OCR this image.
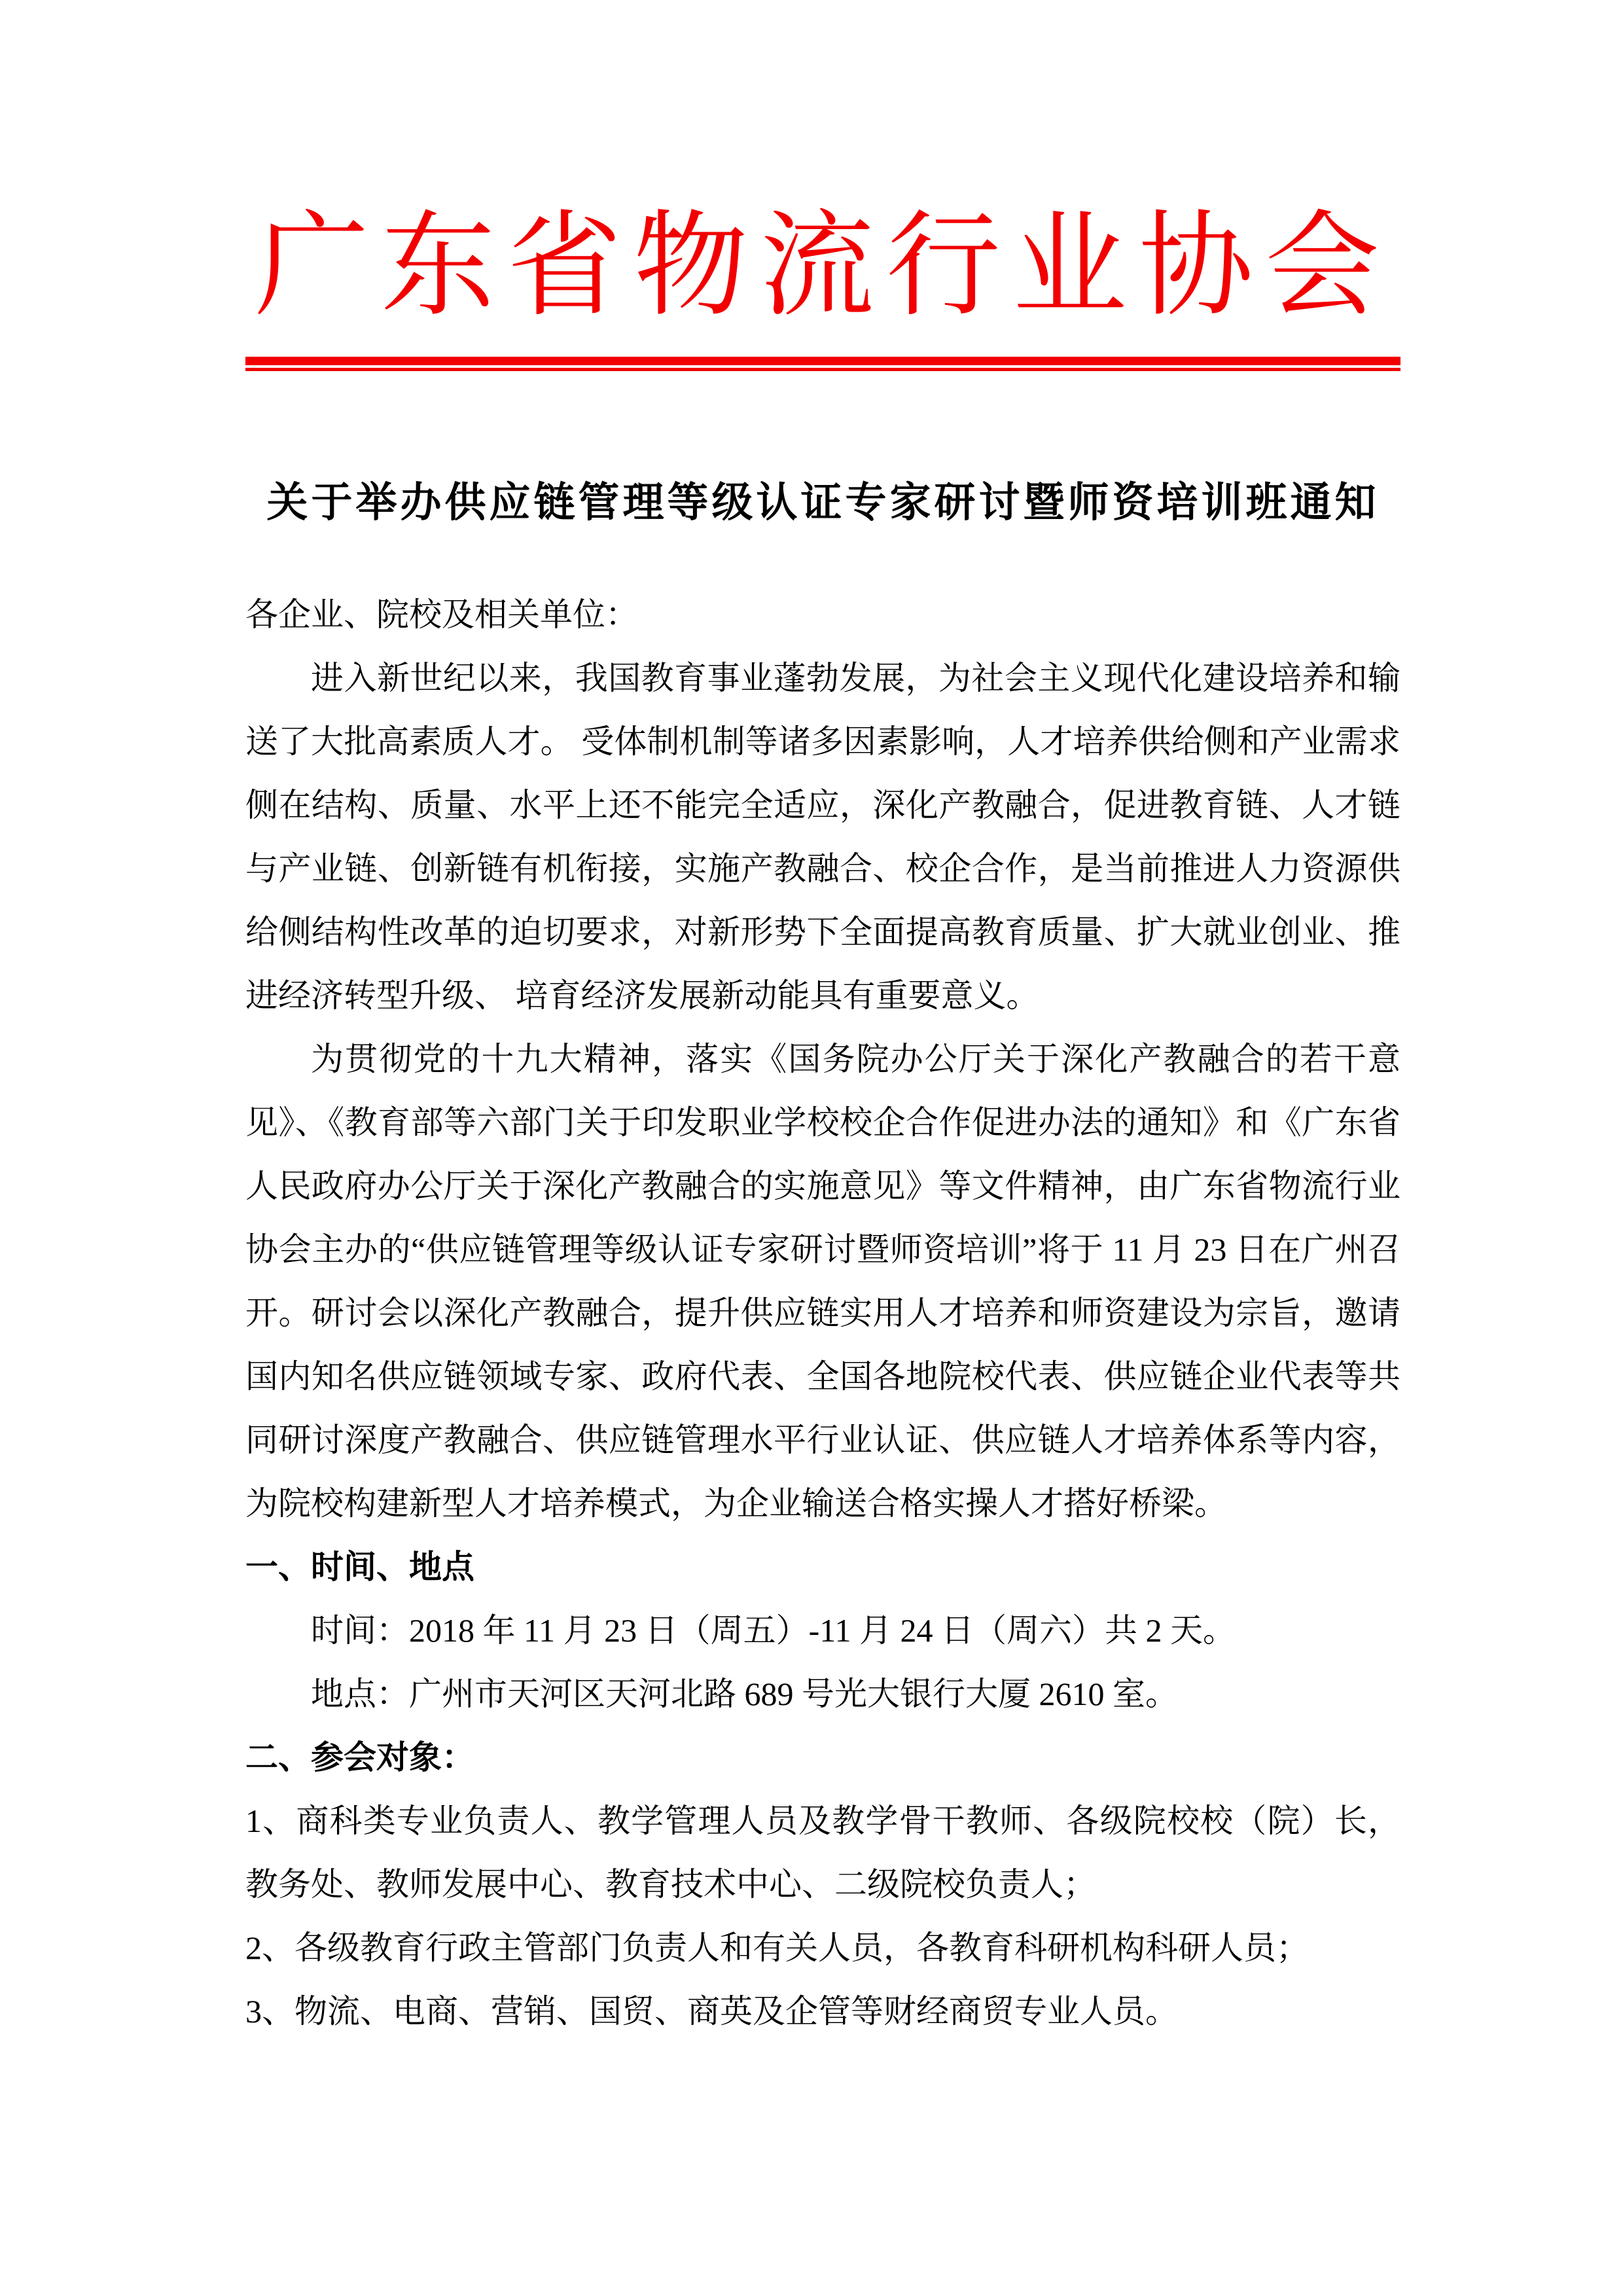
广东省物流行业协会
关于举办供应链管理等级认证专家研讨暨师资培训班通知

各企业、院校及相关单位：

进入新世纪以来，我国教育事业蓬勃发展，为社会主义现代化建设培养和输送了大批高素质人才。 受体制机制等诸多因素影响，人才培养供给侧和产业需求侧在结构、质量、水平上还不能完全适应，深化产教融合，促进教育链、人才链与产业链、创新链有机衔接，实施产教融合、校企合作，是当前推进人力资源供给侧结构性改革的迫切要求，对新形势下全面提高教育质量、扩大就业创业、推进经济转型升级、 培育经济发展新动能具有重要意义。

为贯彻党的十九大精神，落实《国务院办公厅关于深化产教融合的若干意见》、《教育部等六部门关于印发职业学校校企合作促进办法的通知》和《广东省人民政府办公厅关于深化产教融合的实施意见》等文件精神，由广东省物流行业协会主办的“供应链管理等级认证专家研讨暨师资培训”将于 11 月 23 日在广州召开。研讨会以深化产教融合，提升供应链实用人才培养和师资建设为宗旨，邀请国内知名供应链领域专家、政府代表、全国各地院校代表、供应链企业代表等共同研讨深度产教融合、供应链管理水平行业认证、供应链人才培养体系等内容，为院校构建新型人才培养模式，为企业输送合格实操人才搭好桥梁。

一、时间、地点

时间：2018 年 11 月 23 日（周五）-11 月 24 日（周六）共 2 天。

地点：广州市天河区天河北路 689 号光大银行大厦 2610 室。

二、参会对象：

1、商科类专业负责人、教学管理人员及教学骨干教师、各级院校校（院）长，教务处、教师发展中心、教育技术中心、二级院校负责人；

2、各级教育行政主管部门负责人和有关人员，各教育科研机构科研人员；

3、物流、电商、营销、国贸、商英及企管等财经商贸专业人员。
